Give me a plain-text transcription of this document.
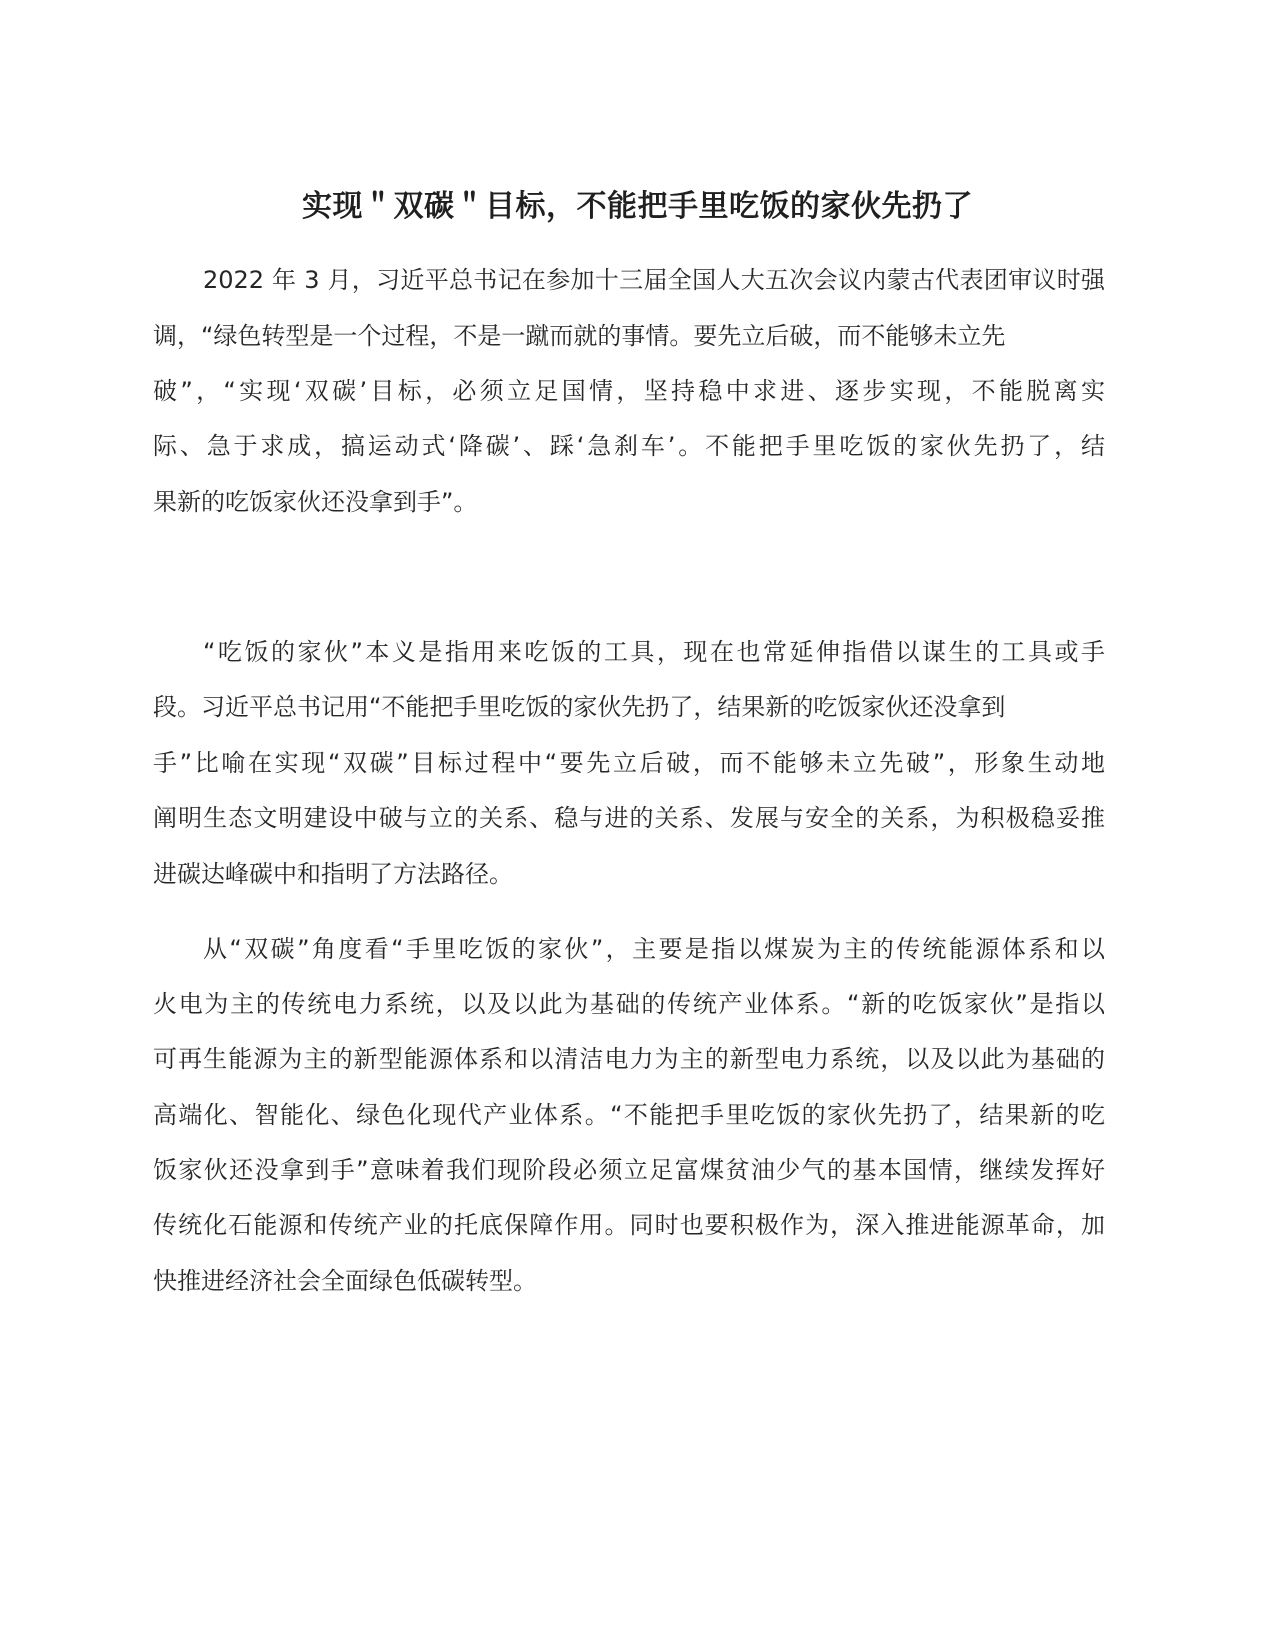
实现＂双碳＂目标，不能把手里吃饭的家伙先扔了
2022 年 3 月，习近平总书记在参加十三届全国人大五次会议内蒙古代表团审议时强
调，“绿色转型是一个过程，不是一蹴而就的事情。要先立后破，而不能够未立先
破”，“实现‘双碳’目标，必须立足国情，坚持稳中求进、逐步实现，不能脱离实
际、急于求成，搞运动式‘降碳’、踩‘急刹车’。不能把手里吃饭的家伙先扔了，结
果新的吃饭家伙还没拿到手”。
“吃饭的家伙”本义是指用来吃饭的工具，现在也常延伸指借以谋生的工具或手
段。习近平总书记用“不能把手里吃饭的家伙先扔了，结果新的吃饭家伙还没拿到
手”比喻在实现“双碳”目标过程中“要先立后破，而不能够未立先破”，形象生动地
阐明生态文明建设中破与立的关系、稳与进的关系、发展与安全的关系，为积极稳妥推
进碳达峰碳中和指明了方法路径。
从“双碳”角度看“手里吃饭的家伙”，主要是指以煤炭为主的传统能源体系和以
火电为主的传统电力系统，以及以此为基础的传统产业体系。“新的吃饭家伙”是指以
可再生能源为主的新型能源体系和以清洁电力为主的新型电力系统，以及以此为基础的
高端化、智能化、绿色化现代产业体系。“不能把手里吃饭的家伙先扔了，结果新的吃
饭家伙还没拿到手”意味着我们现阶段必须立足富煤贫油少气的基本国情，继续发挥好
传统化石能源和传统产业的托底保障作用。同时也要积极作为，深入推进能源革命，加
快推进经济社会全面绿色低碳转型。
